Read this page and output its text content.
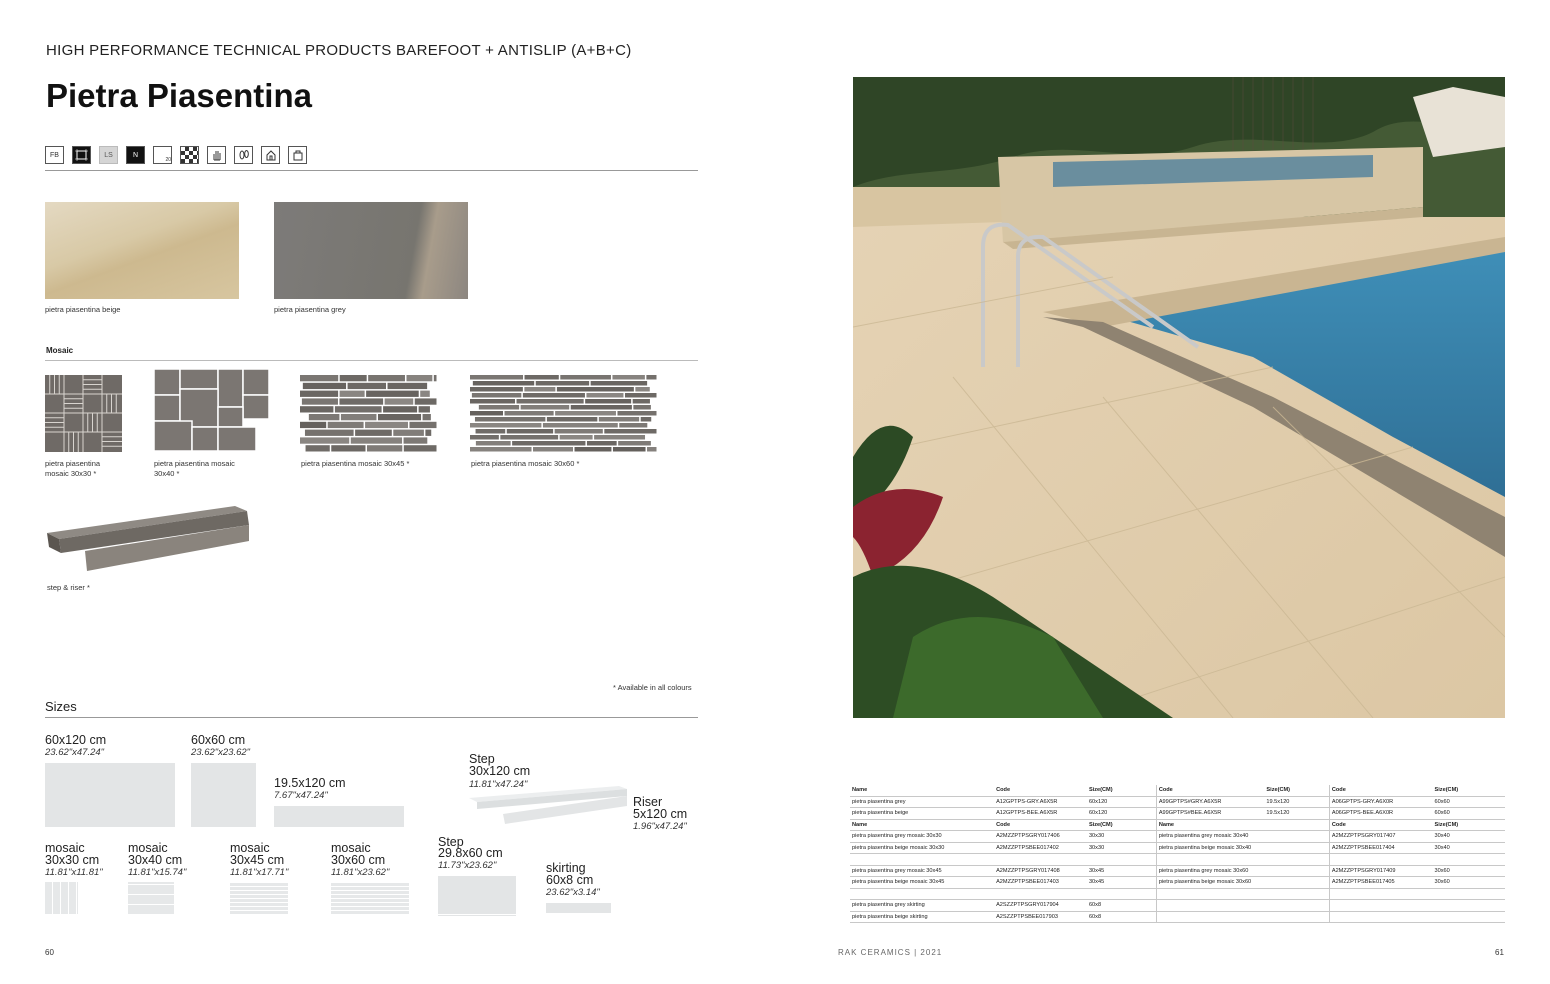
HIGH PERFORMANCE TECHNICAL PRODUCTS BAREFOOT + ANTISLIP (A+B+C)
Pietra Piasentina
FB	LS	N
20
pietra piasentina beige	pietra piasentina grey
Mosaic
pietra piasentina
mosaic 30x30 *
pietra piasentina mosaic
30x40 *
pietra piasentina mosaic 30x45 *	pietra piasentina mosaic 30x60 *
step & riser *
* Available in all colours
Sizes
60x120 cm
23.62"x47.24"
60x60 cm
23.62"x23.62"
19.5x120 cm
7.67"x47.24"
Step
30x120 cm
11.81"x47.24"
Riser
5x120 cm
1.96"x47.24"
mosaic
30x30 cm
11.81"x11.81"
mosaic
30x40 cm
11.81"x15.74"
mosaic
30x45 cm
11.81"x17.71"
mosaic
30x60 cm
11.81"x23.62"
Step
29.8x60 cm
11.73"x23.62"	skirting
60x8 cm
23.62"x3.14"
60
Name	Code	Size(CM)	Code	Size(CM)	Code	Size(CM)
pietra piasentina grey	A12GPTPS-GRY.A6X5R	60x120	A99GPTPS#GRY.A6X5R	19.5x120	A06GPTPS-GRY.A6X0R	60x60
pietra piasentina beige	A12GPTPS-BEE.A6X5R	60x120	A99GPTPS#BEE.A6X5R	19.5x120	A06GPTPS-BEE.A6X0R	60x60
Name	Code	Size(CM)	Name		Code	Size(CM)
pietra piasentina grey mosaic 30x30	A2MZZPTPSGRY017406	30x30	pietra piasentina grey mosaic 30x40		A2MZZPTPSGRY017407	30x40
pietra piasentina beige mosaic 30x30	A2MZZPTPSBEE017402	30x30	pietra piasentina beige mosaic 30x40		A2MZZPTPSBEE017404	30x40

pietra piasentina grey mosaic 30x45	A2MZZPTPSGRY017408	30x45	pietra piasentina grey mosaic 30x60		A2MZZPTPSGRY017409	30x60
pietra piasentina beige mosaic 30x45	A2MZZPTPSBEE017403	30x45	pietra piasentina beige mosaic 30x60		A2MZZPTPSBEE017405	30x60

pietra piasentina grey skirting	A2SZZPTPSGRY017904	60x8				
pietra piasentina beige skirting	A2SZZPTPSBEE017903	60x8				
RAK CERAMICS | 2021	61
